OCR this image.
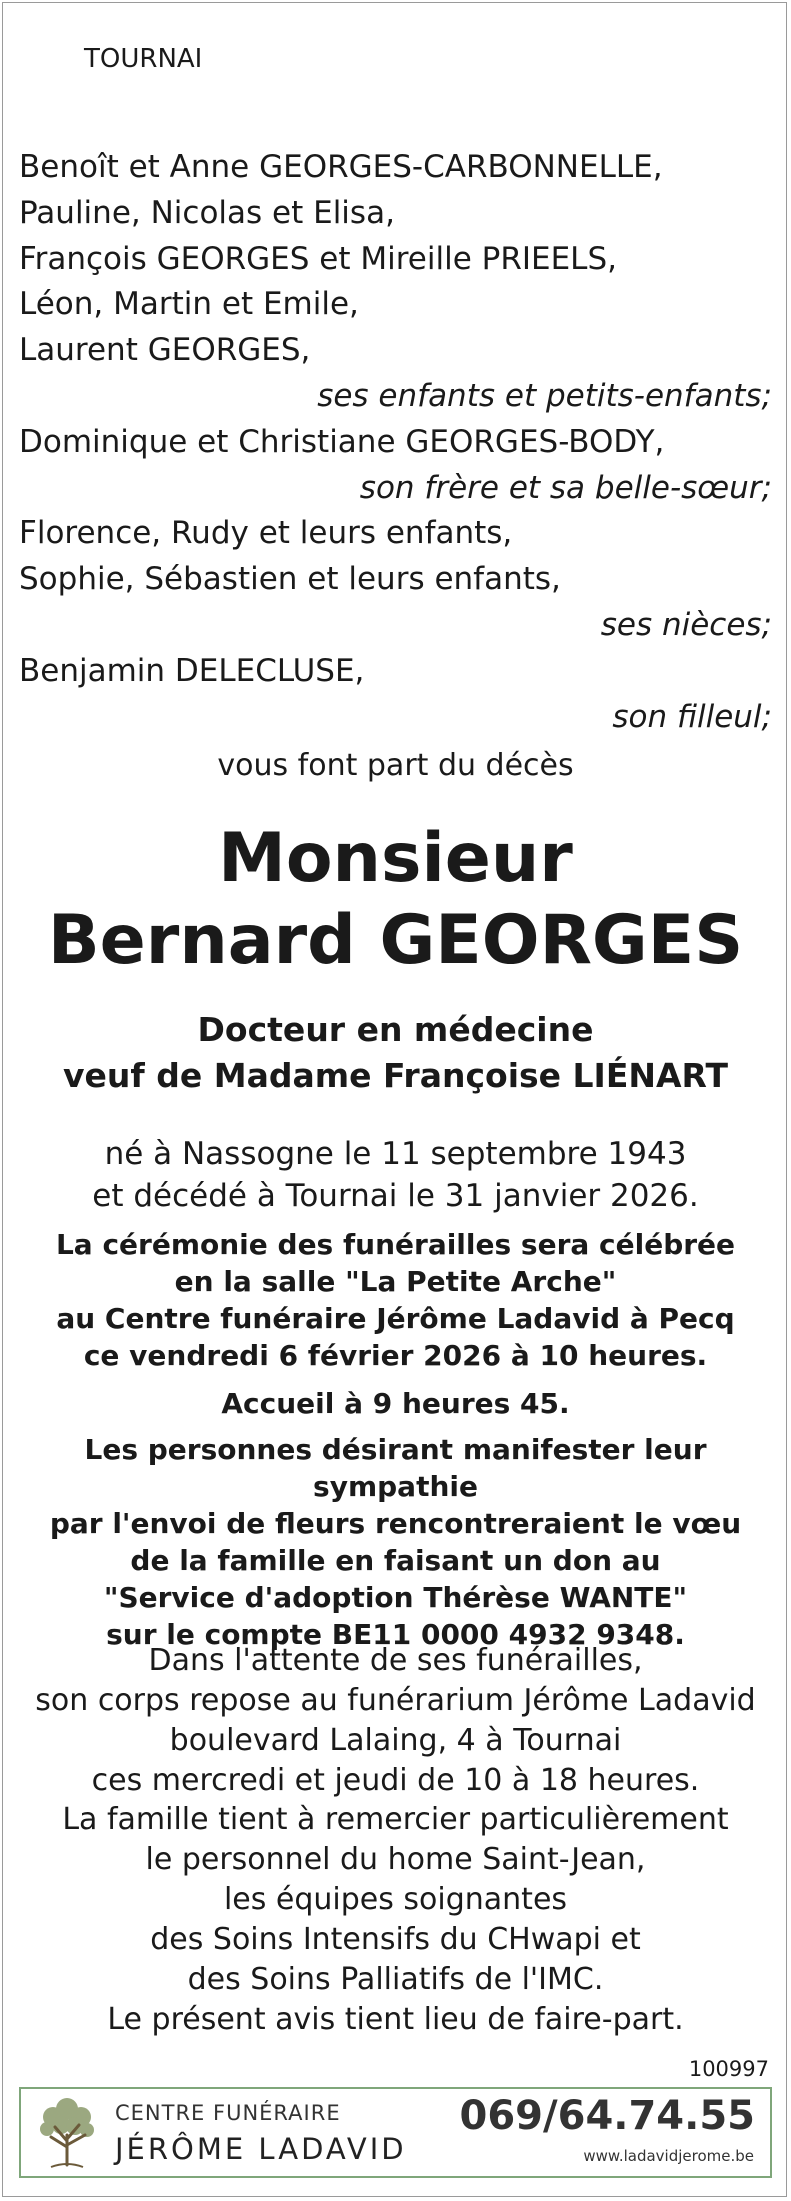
TOURNAI
Benoît et Anne GEORGES-CARBONNELLE,
Pauline, Nicolas et Elisa,
François GEORGES et Mireille PRIEELS,
Léon, Martin et Emile,
Laurent GEORGES,
ses enfants et petits-enfants;
Dominique et Christiane GEORGES-BODY,
son frère et sa belle-sœur;
Florence, Rudy et leurs enfants,
Sophie, Sébastien et leurs enfants,
ses nièces;
Benjamin DELECLUSE,
son filleul;
vous font part du décès
Monsieur
Bernard GEORGES
Docteur en médecine
veuf de Madame Françoise LIÉNART
né à Nassogne le 11 septembre 1943
et décédé à Tournai le 31 janvier 2026.
La cérémonie des funérailles sera célébrée
en la salle "La Petite Arche"
au Centre funéraire Jérôme Ladavid à Pecq
ce vendredi 6 février 2026 à 10 heures.
Accueil à 9 heures 45.
Les personnes désirant manifester leur sympathie
par l'envoi de fleurs rencontreraient le vœu
de la famille en faisant un don au
"Service d'adoption Thérèse WANTE"
sur le compte BE11 0000 4932 9348.
Dans l'attente de ses funérailles,
son corps repose au funérarium Jérôme Ladavid
boulevard Lalaing, 4 à Tournai
ces mercredi et jeudi de 10 à 18 heures.
La famille tient à remercier particulièrement
le personnel du home Saint-Jean,
les équipes soignantes
des Soins Intensifs du CHwapi et
des Soins Palliatifs de l'IMC.
Le présent avis tient lieu de faire-part.
100997
CENTRE FUNÉRAIRE
JÉRÔME LADAVID
069/64.74.55
www.ladavidjerome.be
